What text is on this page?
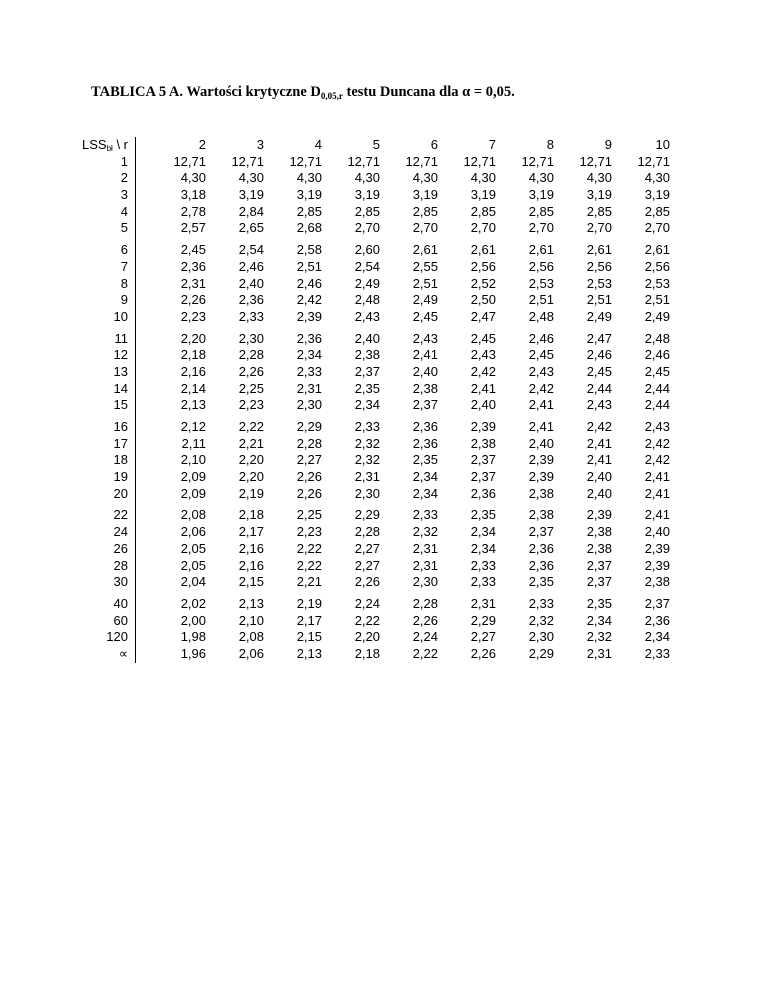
TABLICA 5 A. Wartości krytyczne $D_{0,05,r}$ testu Duncana dla α = 0,05.
$LSS_{bł}$ \ r	2	3	4	5	6	7	8	9	10
1	12,71	12,71	12,71	12,71	12,71	12,71	12,71	12,71	12,71
2	4,30	4,30	4,30	4,30	4,30	4,30	4,30	4,30	4,30
3	3,18	3,19	3,19	3,19	3,19	3,19	3,19	3,19	3,19
4	2,78	2,84	2,85	2,85	2,85	2,85	2,85	2,85	2,85
5	2,57	2,65	2,68	2,70	2,70	2,70	2,70	2,70	2,70
6	2,45	2,54	2,58	2,60	2,61	2,61	2,61	2,61	2,61
7	2,36	2,46	2,51	2,54	2,55	2,56	2,56	2,56	2,56
8	2,31	2,40	2,46	2,49	2,51	2,52	2,53	2,53	2,53
9	2,26	2,36	2,42	2,48	2,49	2,50	2,51	2,51	2,51
10	2,23	2,33	2,39	2,43	2,45	2,47	2,48	2,49	2,49
11	2,20	2,30	2,36	2,40	2,43	2,45	2,46	2,47	2,48
12	2,18	2,28	2,34	2,38	2,41	2,43	2,45	2,46	2,46
13	2,16	2,26	2,33	2,37	2,40	2,42	2,43	2,45	2,45
14	2,14	2,25	2,31	2,35	2,38	2,41	2,42	2,44	2,44
15	2,13	2,23	2,30	2,34	2,37	2,40	2,41	2,43	2,44
16	2,12	2,22	2,29	2,33	2,36	2,39	2,41	2,42	2,43
17	2,11	2,21	2,28	2,32	2,36	2,38	2,40	2,41	2,42
18	2,10	2,20	2,27	2,32	2,35	2,37	2,39	2,41	2,42
19	2,09	2,20	2,26	2,31	2,34	2,37	2,39	2,40	2,41
20	2,09	2,19	2,26	2,30	2,34	2,36	2,38	2,40	2,41
22	2,08	2,18	2,25	2,29	2,33	2,35	2,38	2,39	2,41
24	2,06	2,17	2,23	2,28	2,32	2,34	2,37	2,38	2,40
26	2,05	2,16	2,22	2,27	2,31	2,34	2,36	2,38	2,39
28	2,05	2,16	2,22	2,27	2,31	2,33	2,36	2,37	2,39
30	2,04	2,15	2,21	2,26	2,30	2,33	2,35	2,37	2,38
40	2,02	2,13	2,19	2,24	2,28	2,31	2,33	2,35	2,37
60	2,00	2,10	2,17	2,22	2,26	2,29	2,32	2,34	2,36
120	1,98	2,08	2,15	2,20	2,24	2,27	2,30	2,32	2,34
∝	1,96	2,06	2,13	2,18	2,22	2,26	2,29	2,31	2,33
